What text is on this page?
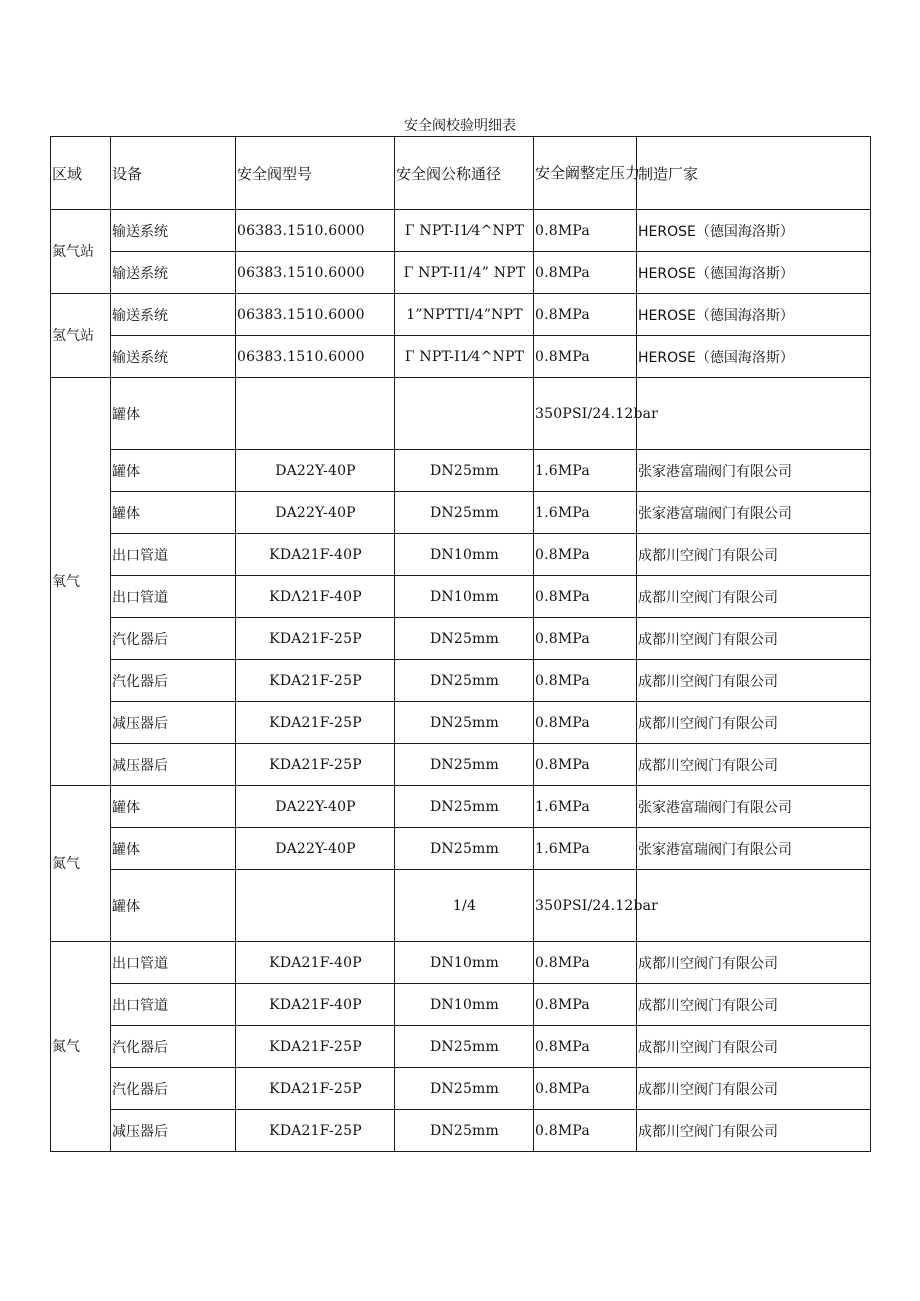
安全阀校验明细表
区域	设备	安全阀型号	安全阀公称通径	安全阚整定压力	制造厂家
氮气站	输送系统	06383.1510.6000	Γ NPT-I1⁄4^NPT	0.8MPa	HEROSE（德国海洛斯）
	输送系统	06383.1510.6000	Γ NPT-I1/4” NPT	0.8MPa	HEROSE（德国海洛斯）
氢气站	输送系统	06383.1510.6000	1”NPTTI/4”NPT	0.8MPa	HEROSE（德国海洛斯）
	输送系统	06383.1510.6000	Γ NPT-I1⁄4^NPT	0.8MPa	HEROSE（德国海洛斯）
氧气	罐体			350PSI/24.12bar	
	罐体	DA22Y-40P	DN25mm	1.6MPa	张家港富瑞阀门有限公司
	罐体	DA22Y-40P	DN25mm	1.6MPa	张家港富瑞阀门有限公司
	出口管道	KDA21F-40P	DN10mm	0.8MPa	成都川空阀门有限公司
	出口管道	KDΛ21F-40P	DN10mm	0.8MPa	成都川空阀门有限公司
	汽化器后	KDA21F-25P	DN25mm	0.8MPa	成都川空阀门有限公司
	汽化器后	KDA21F-25P	DN25mm	0.8MPa	成都川空阀门有限公司
	减压器后	KDA21F-25P	DN25mm	0.8MPa	成都川空阀门有限公司
	减压器后	KDA21F-25P	DN25mm	0.8MPa	成都川空阀门有限公司
氮气	罐体	DA22Y-40P	DN25mm	1.6MPa	张家港富瑞阀门有限公司
	罐体	DA22Y-40P	DN25mm	1.6MPa	张家港富瑞阀门有限公司
	罐体		1/4	350PSI/24.12bar	
氮气	出口管道	KDA21F-40P	DN10mm	0.8MPa	成都川空阀门有限公司
	出口管道	KDA21F-40P	DN10mm	0.8MPa	成都川空阀门有限公司
	汽化器后	KDA21F-25P	DN25mm	0.8MPa	成都川空阀门有限公司
	汽化器后	KDA21F-25P	DN25mm	0.8MPa	成都川空阀门有限公司
	减压器后	KDA21F-25P	DN25mm	0.8MPa	成都川空阀门有限公司
